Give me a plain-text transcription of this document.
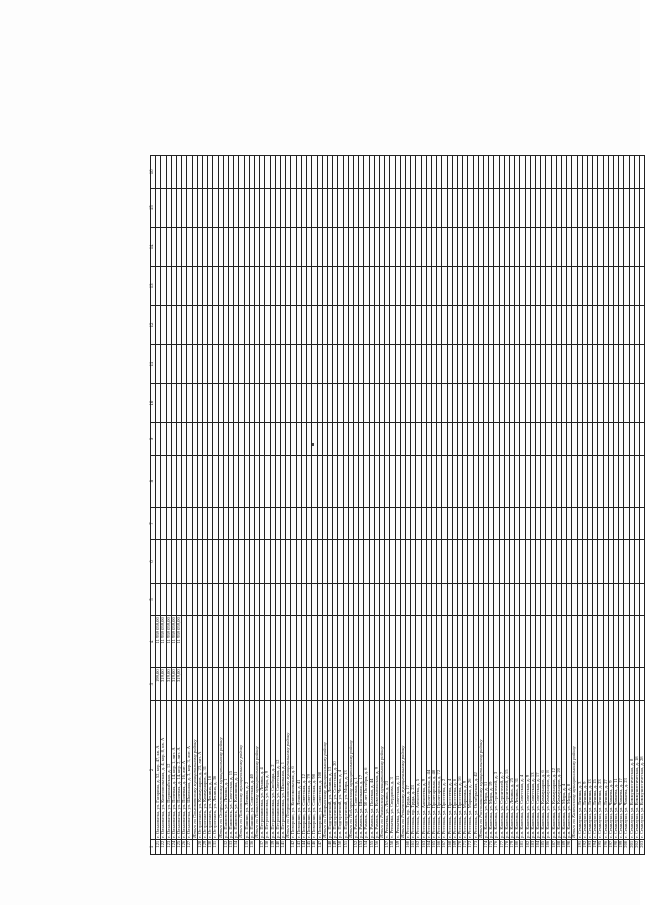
1	2	3	4	5	6	7	8	9	10	11	12	13	14	15	16
121	г. Ольховатка, ул. Гагарина, д. 52, кор. 47, кв. А	199,00	11 959 059,00												
122	г. Ольховатка, ул. Комсомольская, д. 4, кор. 8, кв. А	319,00	11 959 059,00												
123	г. Ольховатка, ул. Первомайская, д. 12	319,00	11 959 059,00												
124	г. Ольховатка, ул. Полевая, д. 14, кор. 1, лит. А	319,00	11 959 059,00												
125	г. Ольховатка, ул. Полевая, д. 14, кор. 2, лит. А	319,00	11 959 059,00												
126	г. Ольховатка, ул. Полевая, д. 16, лит. А														
127	г. Ольховатка, ул. Школьная, д. 3, кор. 3, лит. А														
	Итого по Ольховатскому муниципальному району														
128	г. Острогожск, ул. Коммунаров, д. 23, лит. А														
129	г. Острогожск, ул. Коммунаров, д. 31														
130	г. Острогожск, ул. Ленина, д. 16														
131	г. Острогожск, ул. Ленина, д. 36														
	Итого по Острогожскому муниципальному району														
132	р.п. Павловск, ул. Ленина, д. 1														
133	р.п. Павловск, ул. Советская, д. 15														
134	р.п. Павловск, ул. Калинина, д. 11														
	Итого по Павловскому муниципальному району														
135	р.п. Панино, ул. Ленина, д. 2														
136	р.п. Панино, ул. Советская, д. 40														
	Итого по Панинскому муниципальному району														
137	р.п. Петропавловка, ул. Ленина, д. 4														
138	р.п. Петропавловка, ул. Мира, д. 9														
139	р.п. Петропавловка, ул. Свободы, д. 2														
140	р.п. Петропавловка, ул. Советская, д. 12														
141	р.п. Петропавловка, ул. Школьная, д. 1														
	Итого по Петропавловскому муниципальному району														
142	г. Поворино, ул. Комсомольская, д. 6														
143	г. Поворино, ул. Ленина, д. 41														
144	г. Поворино, ул. Советская, д. 12														
145	г. Поворино, ул. Советская, д. 79														
146	г. Поворино, ул. Советская, д. 98														
147	г. Поворино, ул. Советская, д. 100														
	Итого по Поворинскому муниципальному району														
148	р.п. Подгоренский, ул. Ленина, д. 13														
149	р.п. Подгоренский, ул. Советская, д. 20														
150	р.п. Подгоренский, ул. Чехова, д. 4														
151	р.п. Подгоренский, ул. Мира, д. 13														
	Итого по Подгоренскому муниципальному району														
152	р.п. Рамонь, ул. Советская, д. 1														
153	р.п. Рамонь, ул. Школьная, д. 17														
154	р.п. Рамонь, ул. 50 лет Октября, д. 6														
155	р.п. Рамонь, ул. Полевая, д. 44														
156	р.п. Рамонь, ул. Комсомольская, д. 9														
	Итого по Рамонскому муниципальному району														
157	с. Репьевка, ул. Ленина, д. 23														
158	с. Репьевка, ул. Свердлова, д. 3														
159	с. Репьевка, ул. Советская, д. 11														
	Итого по Репьевскому муниципальному району														
160	г. Россошь, пр. Труда, д. 17														
161	г. Россошь, пр. Труда, д. 23														
162	г. Россошь, ул. Алексеева, д. 5														
163	г. Россошь, ул. Алексеева, д. 9														
164	г. Россошь, ул. Пролетарская, д. 44														
165	г. Россошь, ул. Пролетарская, д. 48														
166	г. Россошь, ул. Пролетарская, д. 72														
167	г. Россошь, ул. Простеева, д. 2														
168	г. Россошь, ул. Простеева, д. 4														
169	г. Россошь, ул. Простеева, д. 6														
170	г. Россошь, ул. Простеева, д. 16														
171	г. Россошь, ул. Маршака, д. 9														
172	г. Россошь, ул. Маршака, д. 26														
173	г. Россошь, ул. Октябрьская, д. 42														
	Итого по Россошанскому муниципальному району														
174	р.п. Каменка, ул. Мира, д. 11														
175	р.п. Каменка, ул. Мира, д. 19														
176	р.п. Каменка, ул. Строителей, д. 3														
177	р.п. Каменка, ул. Строителей, д. 7														
178	р.п. Каменка, ул. Строителей, д. 15														
179	р.п. Каменка, ул. Ленина, д. 25														
180	р.п. Каменка, ул. Ленина, д. 31														
181	р.п. Каменка, ул. Советская, д. 4														
182	р.п. Каменка, ул. Советская, д. 9														
183	р.п. Каменка, ул. Советская, д. 13														
184	р.п. Каменка, ул. Советская, д. 17														
185	р.п. Каменка, ул. Коммунаров, д. 6														
186	р.п. Каменка, ул. Коммунаров, д. 8														
187	р.п. Каменка, ул. Коммунаров, д. 12														
188	р.п. Каменка, ул. Коммунаров, д. 20														
189	р.п. Каменка, ул. Мира, д. 4														
190	р.п. Каменка, ул. Мира, д. 8														
	Итого по Каменскому муниципальному району														
191	г. Семилуки, ул. Ленина, д. 3														
192	г. Семилуки, ул. Ленина, д. 9														
193	г. Семилуки, ул. Ленина, д. 13														
194	г. Семилуки, ул. Ленина, д. 15														
195	г. Семилуки, ул. Ленина, д. 23														
196	г. Семилуки, ул. Ленина, д. 27														
197	г. Семилуки, ул. Чапаева, д. 9														
198	г. Семилуки, ул. Чапаева, д. 11														
199	г. Семилуки, ул. Чапаева, д. 17														
200	г. Семилуки, ул. Чапаева, д. 23														
201	г. Семилуки, ул. Коммунистическая, д. 8														
202	г. Семилуки, ул. Коммунистическая, д. 18														
203	г. Семилуки, ул. Коммунистическая, д. 28														
